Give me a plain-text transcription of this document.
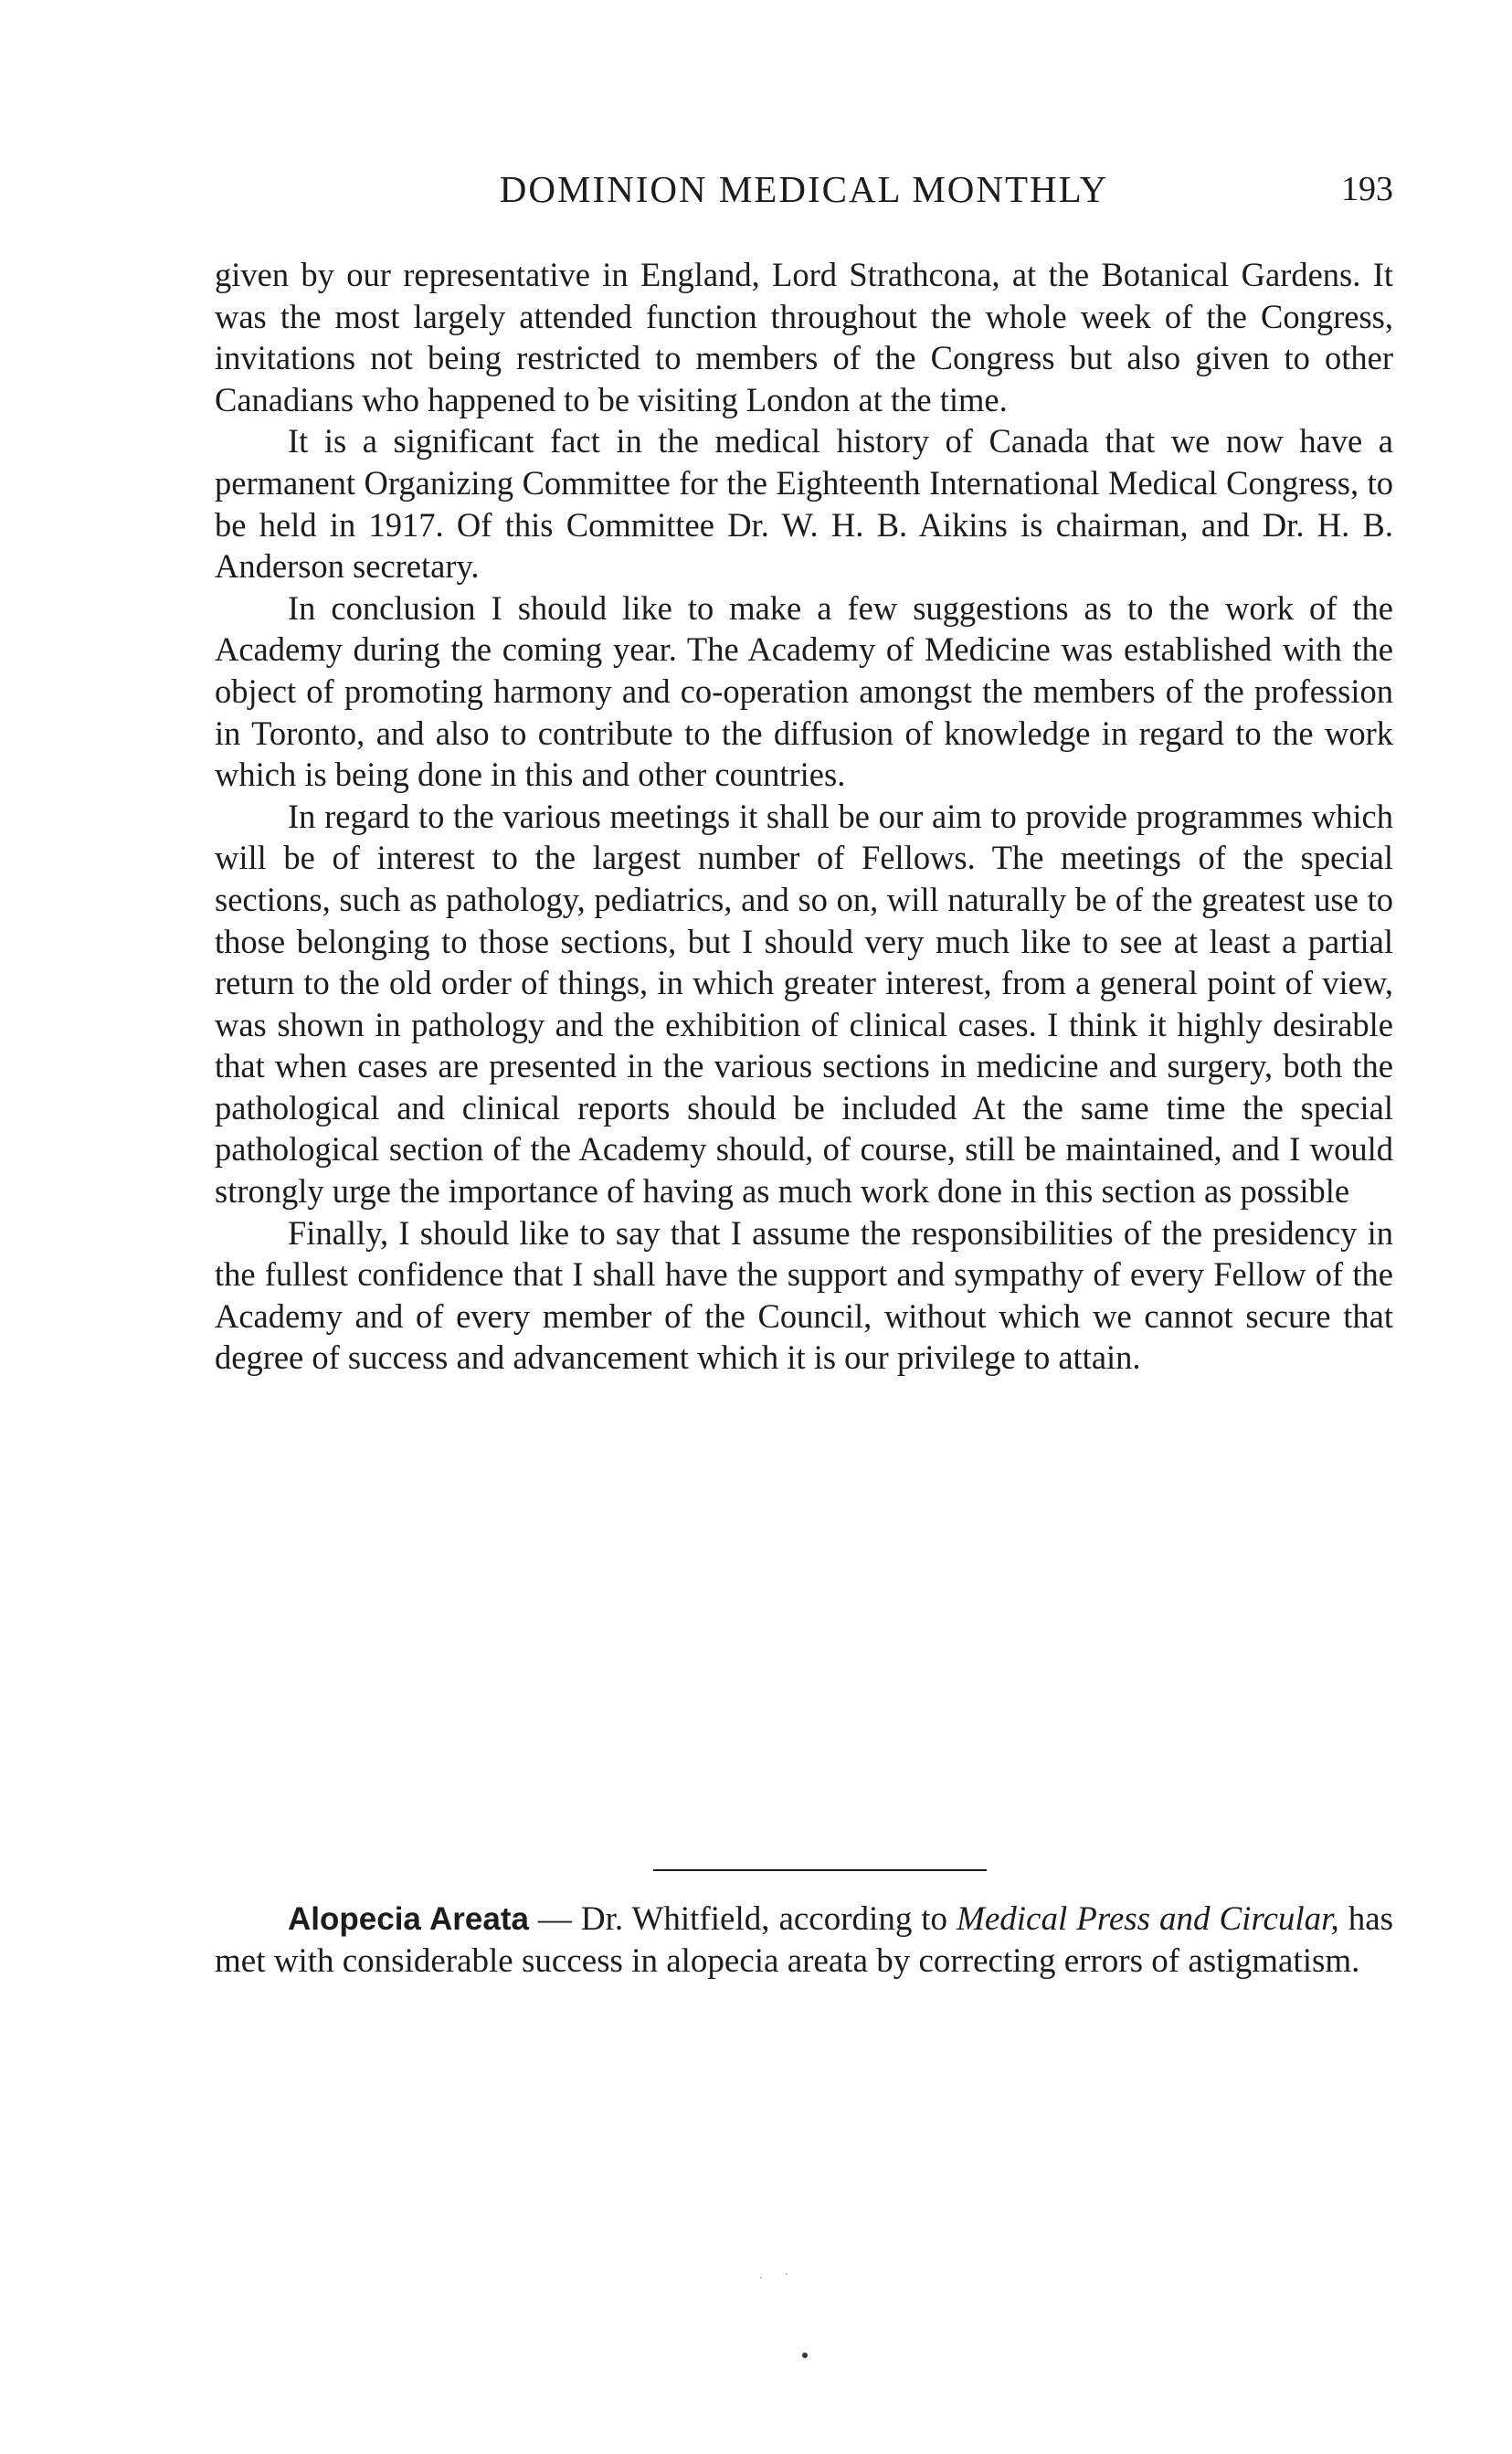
DOMINION MEDICAL MONTHLY	193

given by our representative in England, Lord Strathcona, at the Botanical Gardens. It was the most largely attended function throughout the whole week of the Congress, invitations not being restricted to members of the Congress but also given to other Canadians who happened to be visiting London at the time.

It is a significant fact in the medical history of Canada that we now have a permanent Organizing Committee for the Eighteenth International Medical Congress, to be held in 1917. Of this Committee Dr. W. H. B. Aikins is chairman, and Dr. H. B. Anderson secretary.

In conclusion I should like to make a few suggestions as to the work of the Academy during the coming year. The Academy of Medicine was established with the object of promoting harmony and co-operation amongst the members of the profession in Toronto, and also to contribute to the diffusion of knowledge in regard to the work which is being done in this and other countries.

In regard to the various meetings it shall be our aim to provide programmes which will be of interest to the largest number of Fellows. The meetings of the special sections, such as pathology, pediatrics, and so on, will naturally be of the greatest use to those belonging to those sections, but I should very much like to see at least a partial return to the old order of things, in which greater interest, from a general point of view, was shown in pathology and the exhibition of clinical cases. I think it highly desirable that when cases are presented in the various sections in medicine and surgery, both the pathological and clinical reports should be included At the same time the special pathological section of the Academy should, of course, still be maintained, and I would strongly urge the importance of having as much work done in this section as possible

Finally, I should like to say that I assume the responsibilities of the presidency in the fullest confidence that I shall have the support and sympathy of every Fellow of the Academy and of every member of the Council, without which we cannot secure that degree of success and advancement which it is our privilege to attain.

Alopecia Areata — Dr. Whitfield, according to Medical Press and Circular, has met with considerable success in alopecia areata by correcting errors of astigmatism.
